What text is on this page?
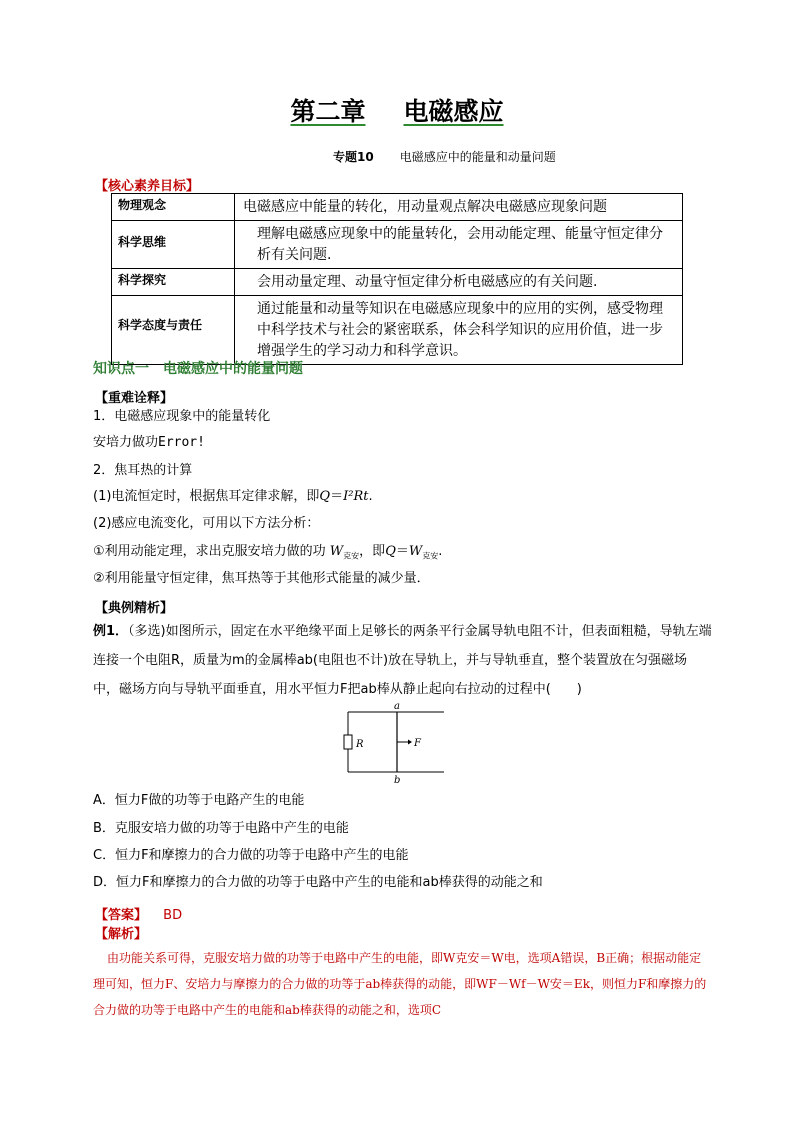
第二章 电磁感应
专题10 电磁感应中的能量和动量问题
【核心素养目标】
物理观念	电磁感应中能量的转化，用动量观点解决电磁感应现象问题
科学思维	理解电磁感应现象中的能量转化，会用动能定理、能量守恒定律分析有关问题.
科学探究	会用动量定理、动量守恒定律分析电磁感应的有关问题.
科学态度与责任	通过能量和动量等知识在电磁感应现象中的应用的实例，感受物理中科学技术与社会的紧密联系，体会科学知识的应用价值，进一步增强学生的学习动力和科学意识。
知识点一　电磁感应中的能量问题
【重难诠释】
1．电磁感应现象中的能量转化
安培力做功Error!
2．焦耳热的计算
(1)电流恒定时，根据焦耳定律求解，即Q＝I²Rt.
(2)感应电流变化，可用以下方法分析：
①利用动能定理，求出克服安培力做的功 $W_{克安}$，即$Q=W_{克安}$.
②利用能量守恒定律，焦耳热等于其他形式能量的减少量．
【典例精析】
例1．（多选)如图所示，固定在水平绝缘平面上足够长的两条平行金属导轨电阻不计，但表面粗糙，导轨左端连接一个电阻R，质量为m的金属棒ab(电阻也不计)放在导轨上，并与导轨垂直，整个装置放在匀强磁场中，磁场方向与导轨平面垂直，用水平恒力F把ab棒从静止起向右拉动的过程中(　　)
R	F
a
b
A．恒力F做的功等于电路产生的电能
B．克服安培力做的功等于电路中产生的电能
C．恒力F和摩擦力的合力做的功等于电路中产生的电能
D．恒力F和摩擦力的合力做的功等于电路中产生的电能和ab棒获得的动能之和
【答案】 BD
【解析】
由功能关系可得，克服安培力做的功等于电路中产生的电能，即W克安＝W电，选项A错误，B正确；根据动能定理可知，恒力F、安培力与摩擦力的合力做的功等于ab棒获得的动能，即WF－Wf－W安＝Ek，则恒力F和摩擦力的合力做的功等于电路中产生的电能和ab棒获得的动能之和，选项C
